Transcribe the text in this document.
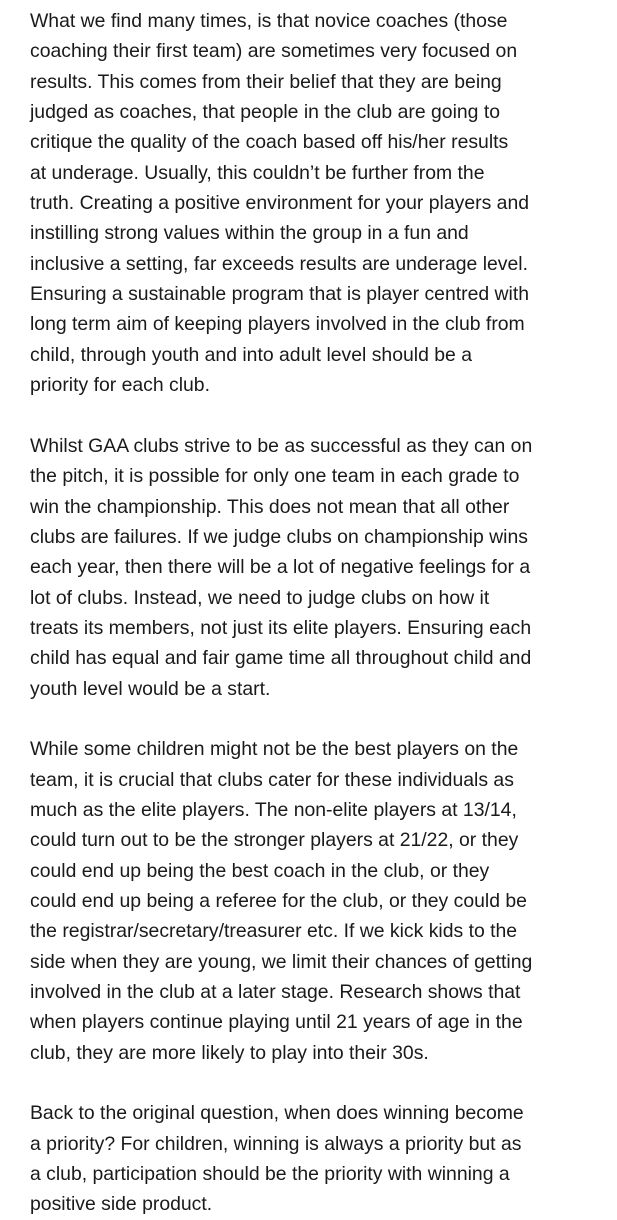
What we find many times, is that novice coaches (those
coaching their first team) are sometimes very focused on
results. This comes from their belief that they are being
judged as coaches, that people in the club are going to
critique the quality of the coach based off his/her results
at underage. Usually, this couldn’t be further from the
truth. Creating a positive environment for your players and
instilling strong values within the group in a fun and
inclusive a setting, far exceeds results are underage level.
Ensuring a sustainable program that is player centred with
long term aim of keeping players involved in the club from
child, through youth and into adult level should be a
priority for each club.
Whilst GAA clubs strive to be as successful as they can on
the pitch, it is possible for only one team in each grade to
win the championship. This does not mean that all other
clubs are failures. If we judge clubs on championship wins
each year, then there will be a lot of negative feelings for a
lot of clubs. Instead, we need to judge clubs on how it
treats its members, not just its elite players. Ensuring each
child has equal and fair game time all throughout child and
youth level would be a start.
While some children might not be the best players on the
team, it is crucial that clubs cater for these individuals as
much as the elite players. The non-elite players at 13/14,
could turn out to be the stronger players at 21/22, or they
could end up being the best coach in the club, or they
could end up being a referee for the club, or they could be
the registrar/secretary/treasurer etc. If we kick kids to the
side when they are young, we limit their chances of getting
involved in the club at a later stage. Research shows that
when players continue playing until 21 years of age in the
club, they are more likely to play into their 30s.
Back to the original question, when does winning become
a priority? For children, winning is always a priority but as
a club, participation should be the priority with winning a
positive side product.
